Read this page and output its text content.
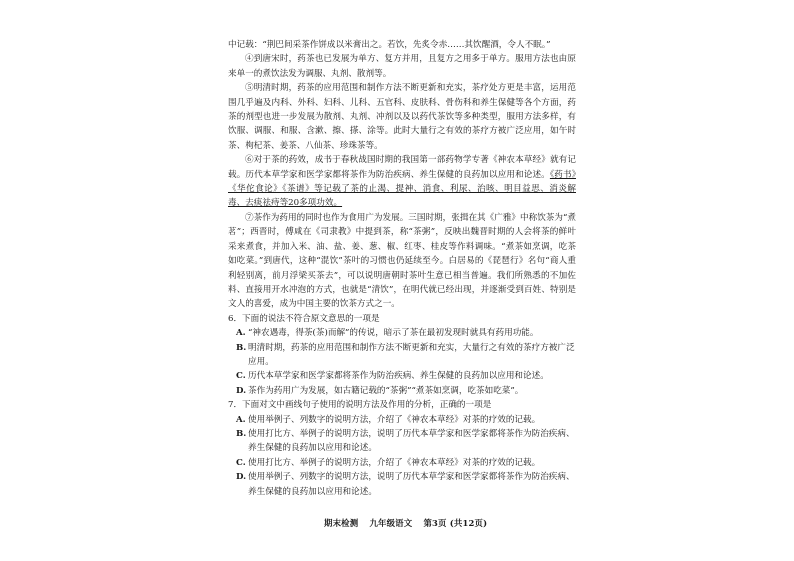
中记载：“荆巴间采茶作饼成以米膏出之。若饮，先炙令赤……其饮醒酒，令人不眠。”

④到唐宋时，药茶也已发展为单方、复方并用，且复方之用多于单方。服用方法也由原来单一的煮饮法发为调服、丸剂、散剂等。

⑤明清时期，药茶的应用范围和制作方法不断更新和充实，茶疗处方更是丰富，运用范围几乎遍及内科、外科、妇科、儿科、五官科、皮肤科、骨伤科和养生保健等各个方面，药茶的剂型也进一步发展为散剂、丸剂、冲剂以及以药代茶饮等多种类型，服用方法多样，有饮服、调服、和服、含漱、擦、搽、涂等。此时大量行之有效的茶疗方被广泛应用，如午时茶、枸杞茶、姜茶、八仙茶、珍珠茶等。

⑥对于茶的药效，成书于春秋战国时期的我国第一部药物学专著《神农本草经》就有记载。历代本草学家和医学家都将茶作为防治疾病、养生保健的良药加以应用和论述。《药书》《华佗食论》《茶谱》等记载了茶的止渴、提神、消食、利尿、治咳、明目益思、消炎解毒、去痰祛痔等20多项功效。

⑦茶作为药用的同时也作为食用广为发展。三国时期，张揖在其《广雅》中称饮茶为“煮茗”；西晋时，傅咸在《司隶教》中提到茶，称“茶粥”，反映出魏晋时期的人会将茶的鲜叶采来煮食，并加入米、油、盐、姜、葱、椒、红枣、桂皮等作料调味。“煮茶如烹调，吃茶如吃菜。”到唐代，这种“混饮”茶叶的习惯也仍延续至今。白居易的《琵琶行》名句“商人重利轻别离，前月浮梁买茶去”，可以说明唐朝时茶叶生意已相当普遍。我们所熟悉的不加佐料、直接用开水冲泡的方式，也就是“清饮”，在明代就已经出现，并逐渐受到百姓、特别是文人的喜爱，成为中国主要的饮茶方式之一。

6．下面的说法不符合原文意思的一项是
A. “神农遇毒，得荼(茶)而解”的传说，暗示了茶在最初发现时就具有药用功能。
B. 明清时期，药茶的应用范围和制作方法不断更新和充实，大量行之有效的茶疗方被广泛应用。
C. 历代本草学家和医学家都将茶作为防治疾病、养生保健的良药加以应用和论述。
D. 茶作为药用广为发展，如古籍记载的“茶粥”“煮茶如烹调，吃茶如吃菜”。
7．下面对文中画线句子使用的说明方法及作用的分析，正确的一项是
A. 使用举例子、列数字的说明方法，介绍了《神农本草经》对茶的疗效的记载。
B. 使用打比方、举例子的说明方法，说明了历代本草学家和医学家都将茶作为防治疾病、养生保健的良药加以应用和论述。
C. 使用打比方、举例子的说明方法，介绍了《神农本草经》对茶的疗效的记载。
D. 使用举例子、列数字的说明方法，说明了历代本草学家和医学家都将茶作为防治疾病、养生保健的良药加以应用和论述。
期末检测 九年级语文 第3页 (共12页)
